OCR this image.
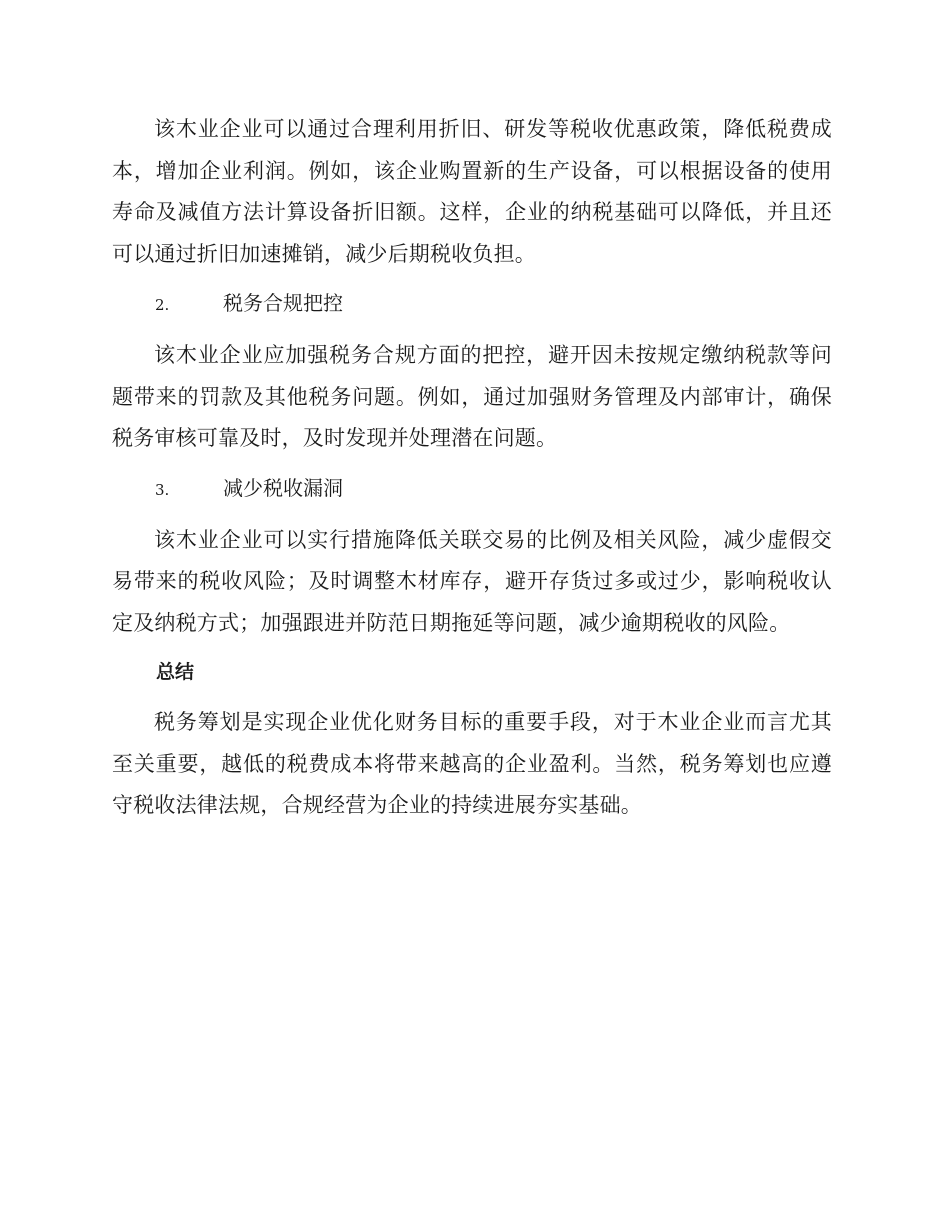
该木业企业可以通过合理利用折旧、研发等税收优惠政策，降低税费成本，增加企业利润。例如，该企业购置新的生产设备，可以根据设备的使用寿命及减值方法计算设备折旧额。这样，企业的纳税基础可以降低，并且还可以通过折旧加速摊销，减少后期税收负担。

2.	税务合规把控

该木业企业应加强税务合规方面的把控，避开因未按规定缴纳税款等问题带来的罚款及其他税务问题。例如，通过加强财务管理及内部审计，确保税务审核可靠及时，及时发现并处理潜在问题。

3.	减少税收漏洞

该木业企业可以实行措施降低关联交易的比例及相关风险，减少虚假交易带来的税收风险；及时调整木材库存，避开存货过多或过少，影响税收认定及纳税方式；加强跟进并防范日期拖延等问题，减少逾期税收的风险。

总结

税务筹划是实现企业优化财务目标的重要手段，对于木业企业而言尤其至关重要，越低的税费成本将带来越高的企业盈利。当然，税务筹划也应遵守税收法律法规，合规经营为企业的持续进展夯实基础。
